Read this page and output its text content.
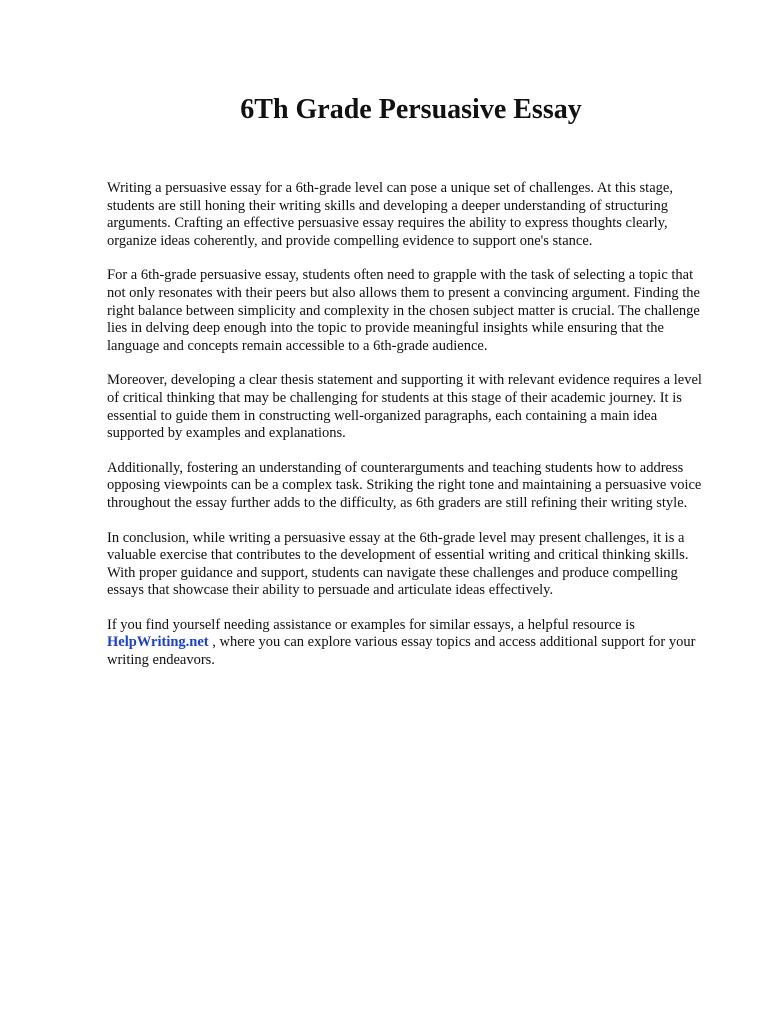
6Th Grade Persuasive Essay

Writing a persuasive essay for a 6th-grade level can pose a unique set of challenges. At this stage, students are still honing their writing skills and developing a deeper understanding of structuring arguments. Crafting an effective persuasive essay requires the ability to express thoughts clearly, organize ideas coherently, and provide compelling evidence to support one's stance.

For a 6th-grade persuasive essay, students often need to grapple with the task of selecting a topic that not only resonates with their peers but also allows them to present a convincing argument. Finding the right balance between simplicity and complexity in the chosen subject matter is crucial. The challenge lies in delving deep enough into the topic to provide meaningful insights while ensuring that the language and concepts remain accessible to a 6th-grade audience.

Moreover, developing a clear thesis statement and supporting it with relevant evidence requires a level of critical thinking that may be challenging for students at this stage of their academic journey. It is essential to guide them in constructing well-organized paragraphs, each containing a main idea supported by examples and explanations.

Additionally, fostering an understanding of counterarguments and teaching students how to address opposing viewpoints can be a complex task. Striking the right tone and maintaining a persuasive voice throughout the essay further adds to the difficulty, as 6th graders are still refining their writing style.

In conclusion, while writing a persuasive essay at the 6th-grade level may present challenges, it is a valuable exercise that contributes to the development of essential writing and critical thinking skills. With proper guidance and support, students can navigate these challenges and produce compelling essays that showcase their ability to persuade and articulate ideas effectively.

If you find yourself needing assistance or examples for similar essays, a helpful resource is
HelpWriting.net , where you can explore various essay topics and access additional support for your writing endeavors.
